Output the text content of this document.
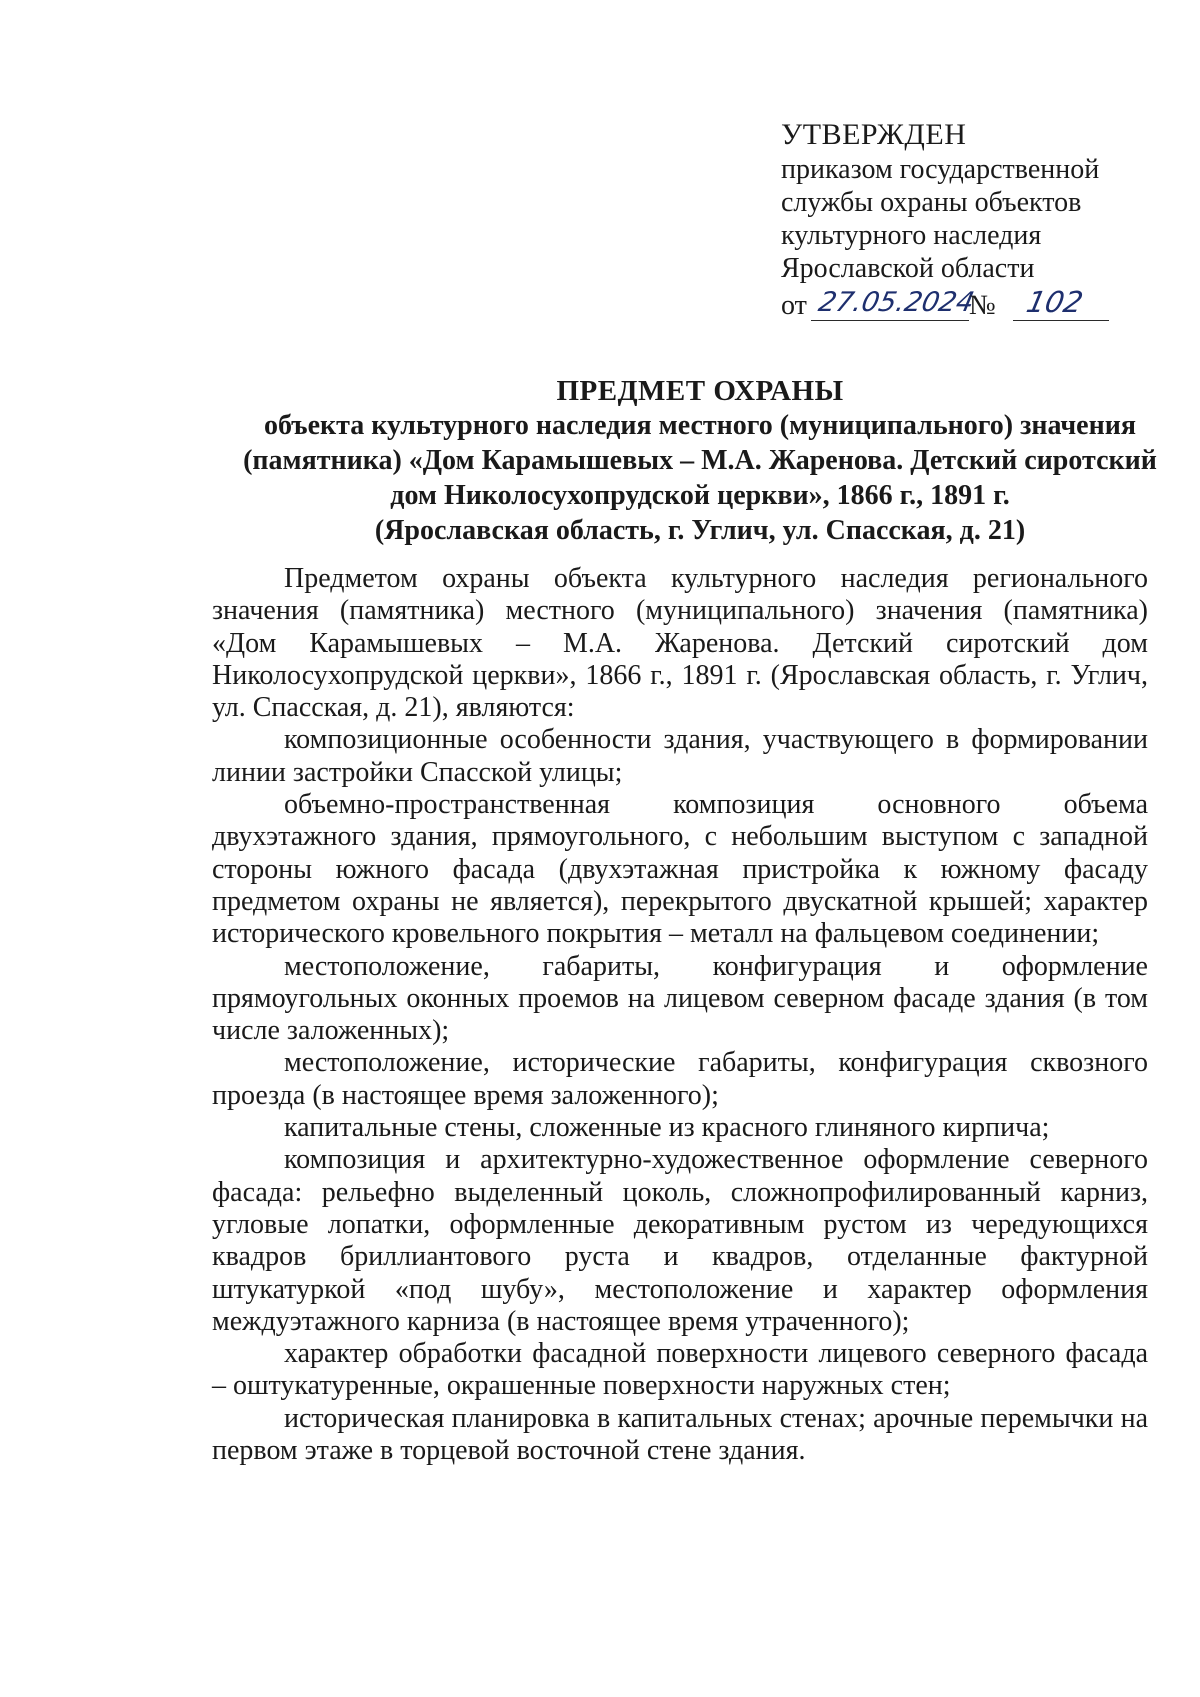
УТВЕРЖДЕН
приказом государственной
службы охраны объектов
культурного наследия
Ярославской области
от 27.05.2024
№ 102
ПРЕДМЕТ ОХРАНЫ
объекта культурного наследия местного (муниципального) значения
(памятника) «Дом Карамышевых – М.А. Жаренова. Детский сиротский
дом Николосухопрудской церкви», 1866 г., 1891 г.
(Ярославская область, г. Углич, ул. Спасская, д. 21)

Предметом охраны объекта культурного наследия регионального значения (памятника) местного (муниципального) значения (памятника) «Дом Карамышевых – М.А. Жаренова. Детский сиротский дом Николосухопрудской церкви», 1866 г., 1891 г. (Ярославская область, г. Углич, ул. Спасская, д. 21), являются:

композиционные особенности здания, участвующего в формировании линии застройки Спасской улицы;

объемно-пространственная композиция основного объема двухэтажного здания, прямоугольного, с небольшим выступом с западной стороны южного фасада (двухэтажная пристройка к южному фасаду предметом охраны не является), перекрытого двускатной крышей; характер исторического кровельного покрытия – металл на фальцевом соединении;

местоположение, габариты, конфигурация и оформление прямоугольных оконных проемов на лицевом северном фасаде здания (в том числе заложенных);

местоположение, исторические габариты, конфигурация сквозного проезда (в настоящее время заложенного);

капитальные стены, сложенные из красного глиняного кирпича;

композиция и архитектурно-художественное оформление северного фасада: рельефно выделенный цоколь, сложнопрофилированный карниз, угловые лопатки, оформленные декоративным рустом из чередующихся квадров бриллиантового руста и квадров, отделанные фактурной штукатуркой «под шубу», местоположение и характер оформления междуэтажного карниза (в настоящее время утраченного);

характер обработки фасадной поверхности лицевого северного фасада – оштукатуренные, окрашенные поверхности наружных стен;

историческая планировка в капитальных стенах; арочные перемычки на первом этаже в торцевой восточной стене здания.
